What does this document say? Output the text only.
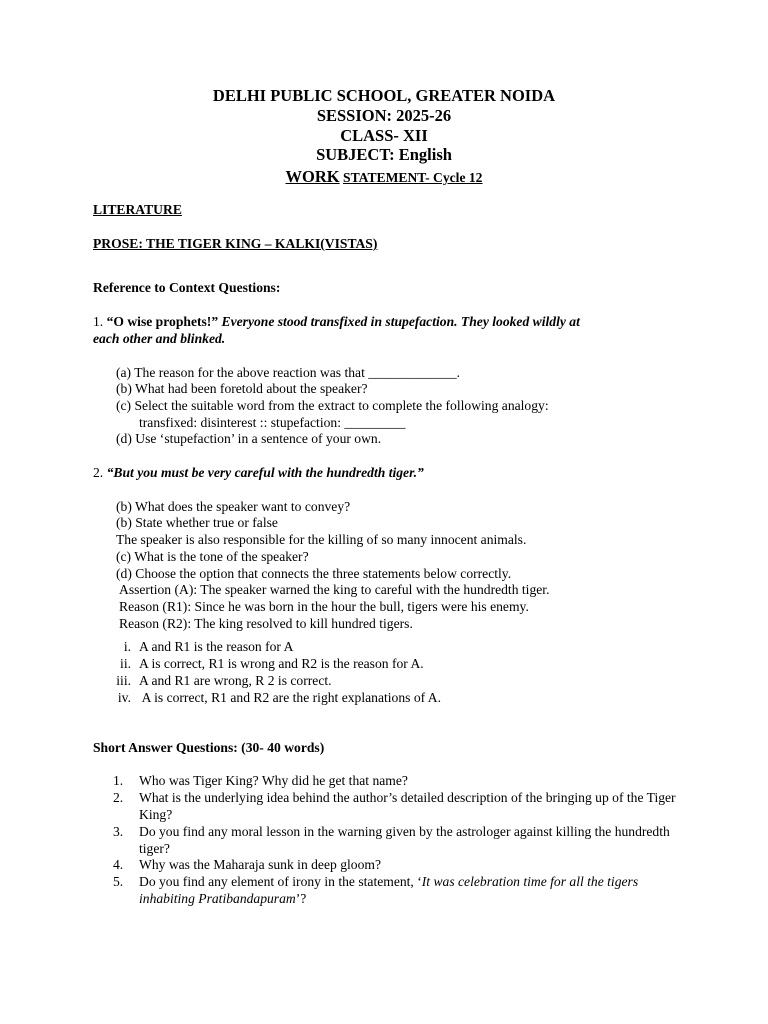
DELHI PUBLIC SCHOOL, GREATER NOIDA
SESSION: 2025-26
CLASS- XII
SUBJECT: English
WORK STATEMENT- Cycle 12
LITERATURE
PROSE: THE TIGER KING – KALKI(VISTAS)
Reference to Context Questions:
1. “O wise prophets!” Everyone stood transfixed in stupefaction. They looked wildly at
each other and blinked.
(a) The reason for the above reaction was that _____________.
(b) What had been foretold about the speaker?
(c) Select the suitable word from the extract to complete the following analogy:
transfixed: disinterest :: stupefaction: _________
(d) Use ‘stupefaction’ in a sentence of your own.
2. “But you must be very careful with the hundredth tiger.”
(b) What does the speaker want to convey?
(b) State whether true or false
The speaker is also responsible for the killing of so many innocent animals.
(c) What is the tone of the speaker?
(d) Choose the option that connects the three statements below correctly.
Assertion (A): The speaker warned the king to careful with the hundredth tiger.
Reason (R1): Since he was born in the hour the bull, tigers were his enemy.
Reason (R2): The king resolved to kill hundred tigers.
i. A and R1 is the reason for A
ii. A is correct, R1 is wrong and R2 is the reason for A.
iii. A and R1 are wrong, R 2 is correct.
iv. A is correct, R1 and R2 are the right explanations of A.
Short Answer Questions: (30- 40 words)
1. Who was Tiger King? Why did he get that name?
2. What is the underlying idea behind the author’s detailed description of the bringing up of the Tiger King?
3. Do you find any moral lesson in the warning given by the astrologer against killing the hundredth tiger?
4. Why was the Maharaja sunk in deep gloom?
5. Do you find any element of irony in the statement, ‘It was celebration time for all the tigers inhabiting Pratibandapuram’?
